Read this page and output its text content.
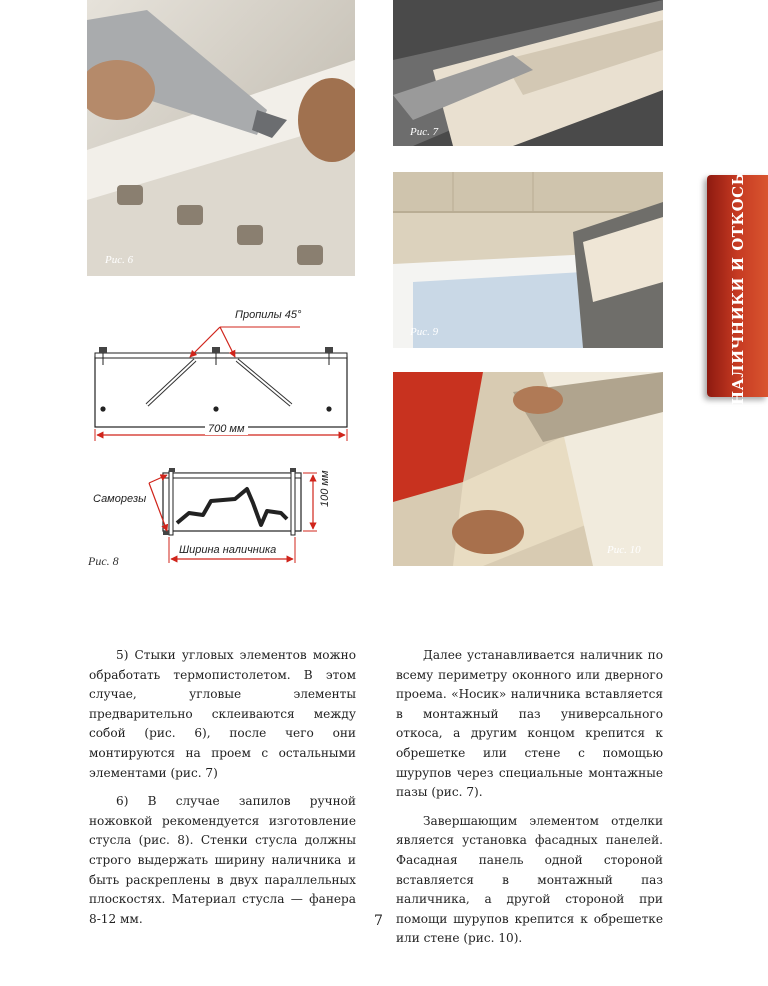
Рис. 6
Рис. 7
Рис. 9
Рис. 10
НАЛИЧНИКИ И ОТКОСЫ
Пропилы 45°
700 мм
Саморезы	100 мм
Ширина наличника
Рис. 8

5) Стыки угловых элементов можно обработать термопистолетом. В этом случае, угловые элементы предварительно склеиваются между собой (рис. 6), после чего они монтируются на проем с остальными элементами (рис. 7)

6) В случае запилов ручной ножовкой рекомендуется изготовление стусла (рис. 8). Стенки стусла должны строго выдержать ширину наличника и быть раскреплены в двух параллельных плоскостях. Материал стусла — фанера 8-12 мм.

Далее устанавливается наличник по всему периметру оконного или дверного проема. «Носик» наличника вставляется в монтажный паз универсального откоса, а другим концом крепится к обрешетке или стене с помощью шурупов через специальные монтажные пазы (рис. 7).

Завершающим элементом отделки является установка фасадных панелей. Фасадная панель одной стороной вставляется в монтажный паз наличника, а другой стороной при помощи шурупов крепится к обрешетке или стене (рис. 10).

7
